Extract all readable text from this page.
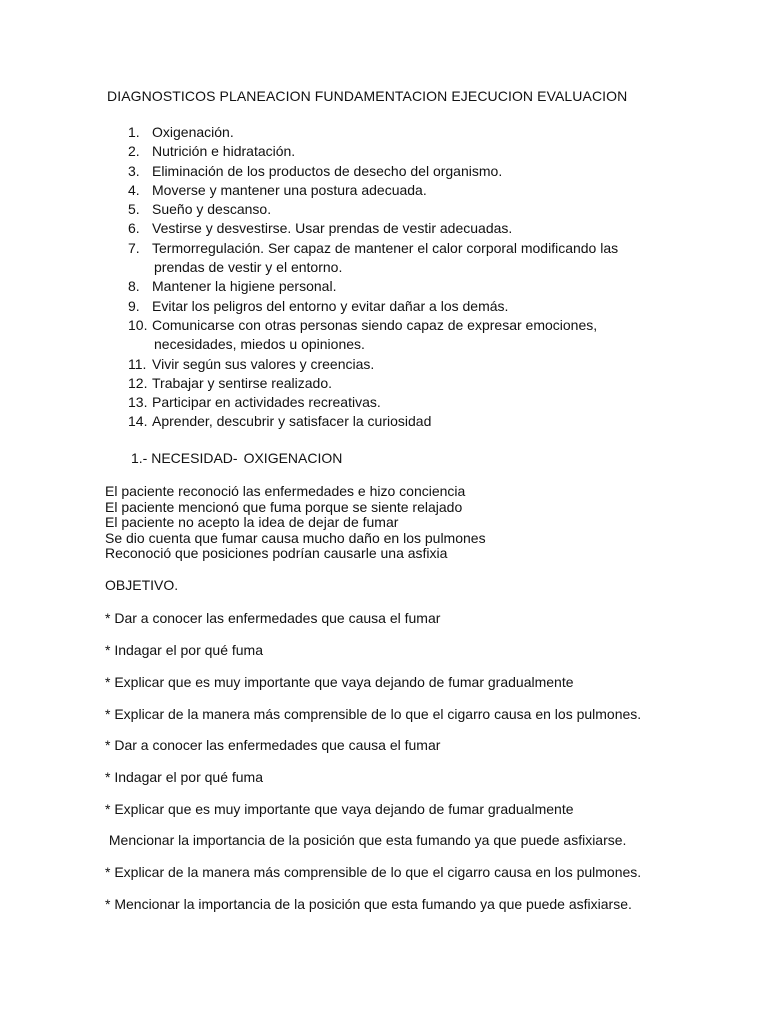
DIAGNOSTICOS PLANEACION FUNDAMENTACION EJECUCION EVALUACION
1. Oxigenación.
2. Nutrición e hidratación.
3. Eliminación de los productos de desecho del organismo.
4. Moverse y mantener una postura adecuada.
5. Sueño y descanso.
6. Vestirse y desvestirse. Usar prendas de vestir adecuadas.
7. Termorregulación. Ser capaz de mantener el calor corporal modificando las
prendas de vestir y el entorno.
8. Mantener la higiene personal.
9. Evitar los peligros del entorno y evitar dañar a los demás.
10. Comunicarse con otras personas siendo capaz de expresar emociones,
necesidades, miedos u opiniones.
11. Vivir según sus valores y creencias.
12. Trabajar y sentirse realizado.
13. Participar en actividades recreativas.
14. Aprender, descubrir y satisfacer la curiosidad
1.- NECESIDAD- OXIGENACION
El paciente reconoció las enfermedades e hizo conciencia
El paciente mencionó que fuma porque se siente relajado
El paciente no acepto la idea de dejar de fumar
Se dio cuenta que fumar causa mucho daño en los pulmones
Reconoció que posiciones podrían causarle una asfixia
OBJETIVO.
* Dar a conocer las enfermedades que causa el fumar
* Indagar el por qué fuma
* Explicar que es muy importante que vaya dejando de fumar gradualmente
* Explicar de la manera más comprensible de lo que el cigarro causa en los pulmones.
* Dar a conocer las enfermedades que causa el fumar
* Indagar el por qué fuma
* Explicar que es muy importante que vaya dejando de fumar gradualmente
Mencionar la importancia de la posición que esta fumando ya que puede asfixiarse.
* Explicar de la manera más comprensible de lo que el cigarro causa en los pulmones.
* Mencionar la importancia de la posición que esta fumando ya que puede asfixiarse.
